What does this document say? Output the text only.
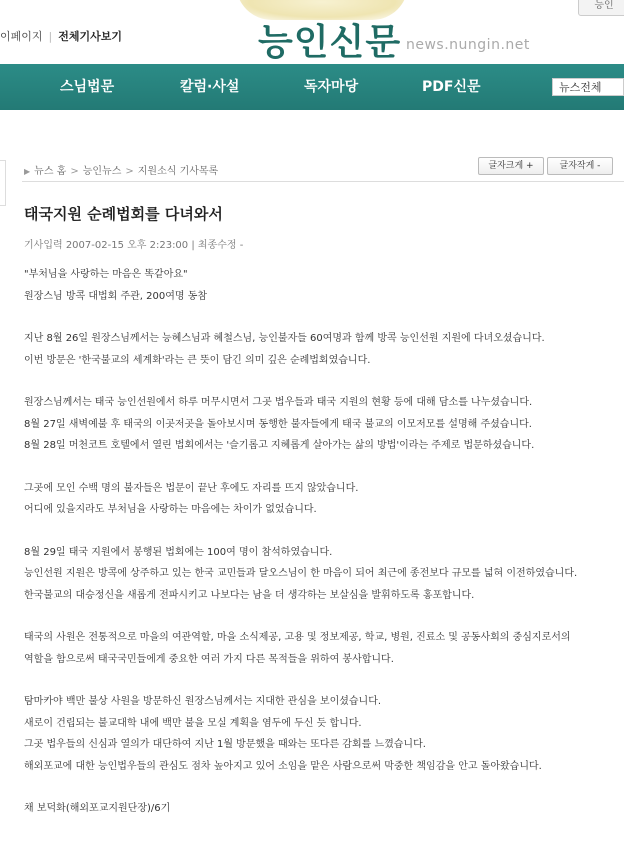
이페이지 | 전체기사보기	능인신문 news.nungin.net
능인
스님법문	칼럼·사설	독자마당	PDF신문	뉴스전체
▶ 뉴스 홈 > 능인뉴스 > 지원소식 기사목록	글자크게 +	글자작게 -
태국지원 순례법회를 다녀와서
기사입력 2007-02-15 오후 2:23:00 | 최종수정 -
"부처님을 사랑하는 마음은 똑같아요"
원장스님 방콕 대법회 주관, 200여명 동참
지난 8월 26일 원장스님께서는 능혜스님과 혜철스님, 능인불자들 60여명과 함께 방콕 능인선원 지원에 다녀오셨습니다.
이번 방문은 '한국불교의 세계화'라는 큰 뜻이 담긴 의미 깊은 순례법회였습니다.
원장스님께서는 태국 능인선원에서 하루 머무시면서 그곳 법우들과 태국 지원의 현황 등에 대해 담소를 나누셨습니다.
8월 27일 새벽예불 후 태국의 이곳저곳을 돌아보시며 동행한 불자들에게 태국 불교의 이모저모를 설명해 주셨습니다.
8월 28일 머천코트 호텔에서 열린 법회에서는 '슬기롭고 지혜롭게 살아가는 삶의 방법'이라는 주제로 법문하셨습니다.
그곳에 모인 수백 명의 불자들은 법문이 끝난 후에도 자리를 뜨지 않았습니다.
어디에 있을지라도 부처님을 사랑하는 마음에는 차이가 없었습니다.
8월 29일 태국 지원에서 봉행된 법회에는 100여 명이 참석하였습니다.
능인선원 지원은 방콕에 상주하고 있는 한국 교민들과 달오스님이 한 마음이 되어 최근에 종전보다 규모를 넓혀 이전하였습니다.
한국불교의 대승정신을 새롭게 전파시키고 나보다는 남을 더 생각하는 보살심을 발휘하도록 홍포합니다.
태국의 사원은 전통적으로 마을의 여관역할, 마을 소식제공, 고용 및 정보제공, 학교, 병원, 진료소 및 공동사회의 중심지로서의
역할을 함으로써 태국국민들에게 중요한 여러 가지 다른 목적들을 위하여 봉사합니다.
탐마카야 백만 불상 사원을 방문하신 원장스님께서는 지대한 관심을 보이셨습니다.
새로이 건립되는 불교대학 내에 백만 불을 모실 계획을 염두에 두신 듯 합니다.
그곳 법우들의 신심과 열의가 대단하여 지난 1월 방문했을 때와는 또다른 감회를 느꼈습니다.
해외포교에 대한 능인법우들의 관심도 점차 높아지고 있어 소임을 맡은 사람으로써 막중한 책임감을 안고 돌아왔습니다.
채 보덕화(해외포교지원단장)/6기
